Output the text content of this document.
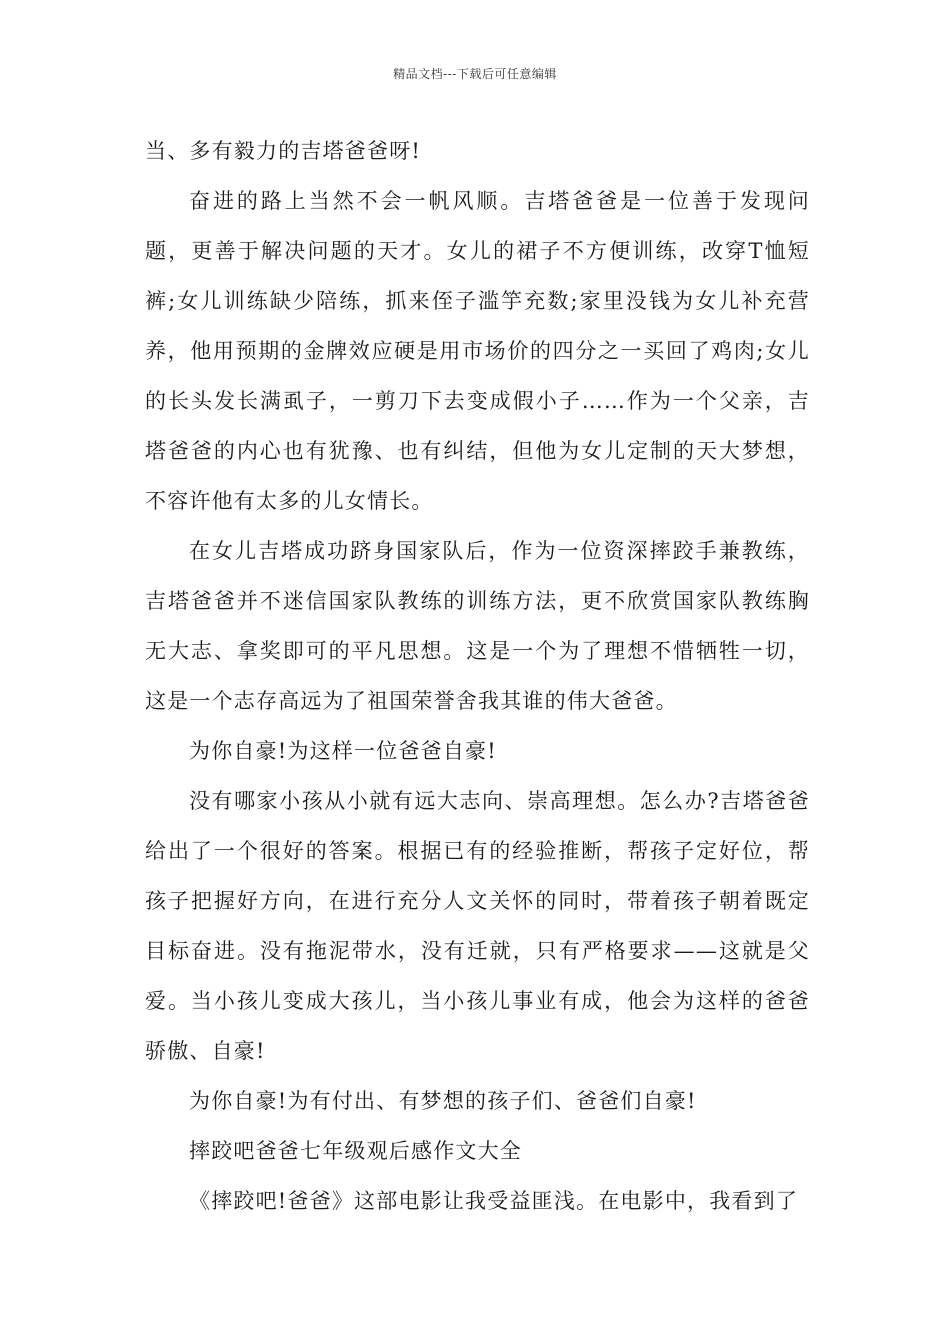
精品文档---下载后可任意编辑

当、多有毅力的吉塔爸爸呀!

奋进的路上当然不会一帆风顺。吉塔爸爸是一位善于发现问题，更善于解决问题的天才。女儿的裙子不方便训练，改穿T恤短裤;女儿训练缺少陪练，抓来侄子滥竽充数;家里没钱为女儿补充营养，他用预期的金牌效应硬是用市场价的四分之一买回了鸡肉;女儿的长头发长满虱子，一剪刀下去变成假小子……作为一个父亲，吉塔爸爸的内心也有犹豫、也有纠结，但他为女儿定制的天大梦想，不容许他有太多的儿女情长。

在女儿吉塔成功跻身国家队后，作为一位资深摔跤手兼教练，吉塔爸爸并不迷信国家队教练的训练方法，更不欣赏国家队教练胸无大志、拿奖即可的平凡思想。这是一个为了理想不惜牺牲一切，这是一个志存高远为了祖国荣誉舍我其谁的伟大爸爸。

为你自豪!为这样一位爸爸自豪!

没有哪家小孩从小就有远大志向、崇高理想。怎么办?吉塔爸爸给出了一个很好的答案。根据已有的经验推断，帮孩子定好位，帮孩子把握好方向，在进行充分人文关怀的同时，带着孩子朝着既定目标奋进。没有拖泥带水，没有迁就，只有严格要求——这就是父爱。当小孩儿变成大孩儿，当小孩儿事业有成，他会为这样的爸爸骄傲、自豪!

为你自豪!为有付出、有梦想的孩子们、爸爸们自豪!

摔跤吧爸爸七年级观后感作文大全

《摔跤吧!爸爸》这部电影让我受益匪浅。在电影中，我看到了
